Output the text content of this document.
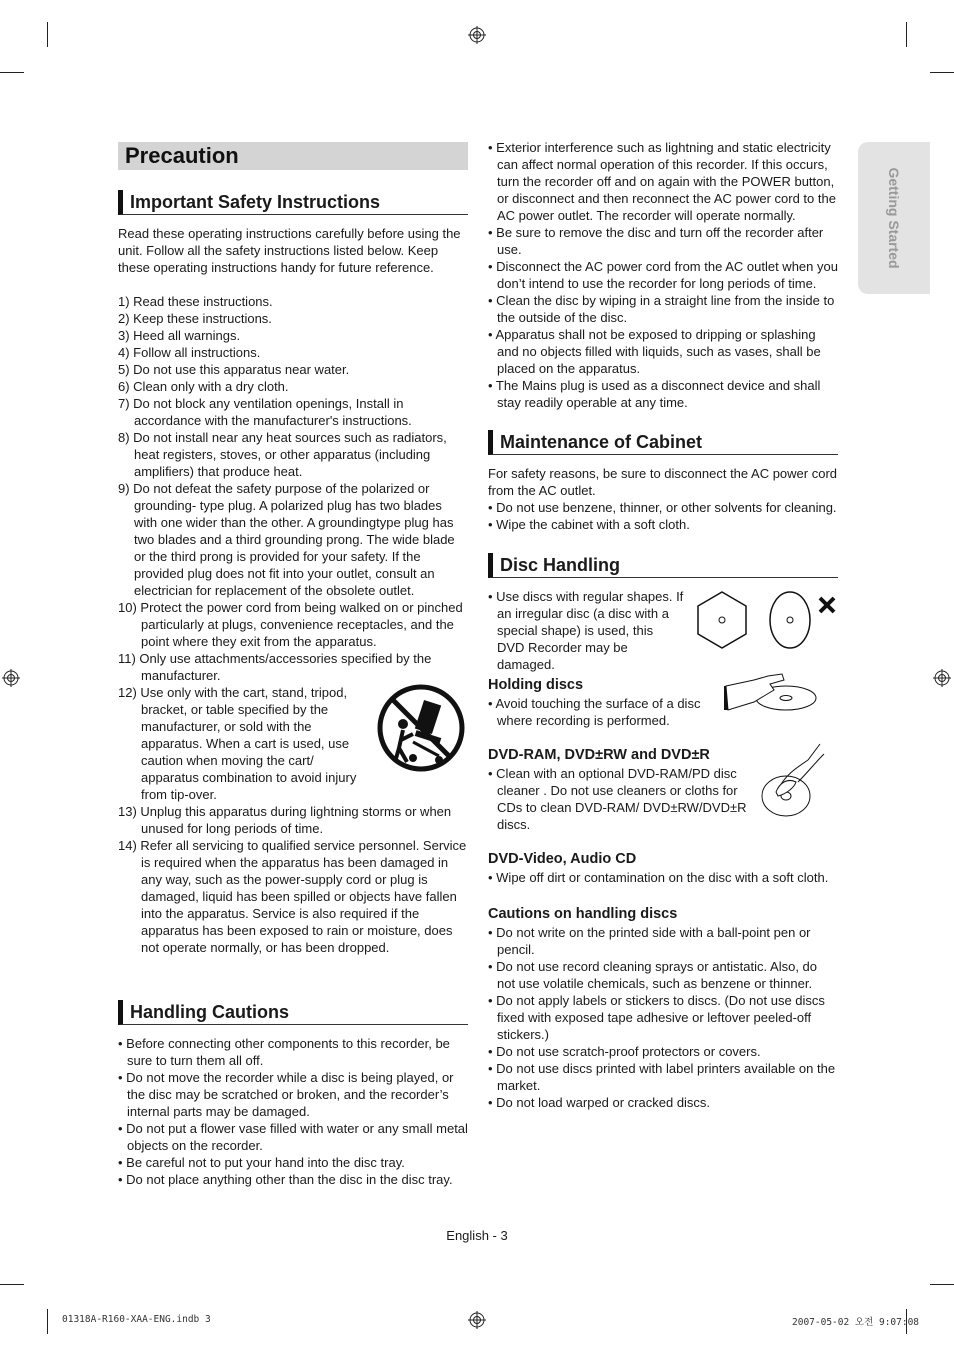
Getting Started
Precaution
Important Safety Instructions

Read these operating instructions carefully before using the unit. Follow all the safety instructions listed below. Keep these operating instructions handy for future reference.

1) Read these instructions.
2) Keep these instructions.
3) Heed all warnings.
4) Follow all instructions.
5) Do not use this apparatus near water.
6) Clean only with a dry cloth.
7) Do not block any ventilation openings, Install in accordance with the manufacturer's instructions.
8) Do not install near any heat sources such as radiators, heat registers, stoves, or other apparatus (including amplifiers) that produce heat.
9) Do not defeat the safety purpose of the polarized or grounding- type plug. A polarized plug has two blades with one wider than the other. A groundingtype plug has two blades and a third grounding prong. The wide blade or the third prong is provided for your safety. If the provided plug does not fit into your outlet, consult an electrician for replacement of the obsolete outlet.
10) Protect the power cord from being walked on or pinched particularly at plugs, convenience receptacles, and the point where they exit from the apparatus.
11) Only use attachments/accessories specified by the manufacturer.
12) Use only with the cart, stand, tripod, bracket, or table specified by the manufacturer, or sold with the apparatus. When a cart is used, use caution when moving the cart/ apparatus combination to avoid injury from tip-over.
13) Unplug this apparatus during lightning storms or when unused for long periods of time.
14) Refer all servicing to qualified service personnel. Service is required when the apparatus has been damaged in any way, such as the power-supply cord or plug is damaged, liquid has been spilled or objects have fallen into the apparatus. Service is also required if the apparatus has been exposed to rain or moisture, does not operate normally, or has been dropped.
Handling Cautions
• Before connecting other components to this recorder, be sure to turn them all off.
• Do not move the recorder while a disc is being played, or the disc may be scratched or broken, and the recorder’s internal parts may be damaged.
• Do not put a flower vase filled with water or any small metal objects on the recorder.
• Be careful not to put your hand into the disc tray.
• Do not place anything other than the disc in the disc tray.
• Exterior interference such as lightning and static electricity can affect normal operation of this recorder. If this occurs, turn the recorder off and on again with the POWER button, or disconnect and then reconnect the AC power cord to the AC power outlet. The recorder will operate normally.
• Be sure to remove the disc and turn off the recorder after use.
• Disconnect the AC power cord from the AC outlet when you don’t intend to use the recorder for long periods of time.
• Clean the disc by wiping in a straight line from the inside to the outside of the disc.
• Apparatus shall not be exposed to dripping or splashing and no objects filled with liquids, such as vases, shall be placed on the apparatus.
• The Mains plug is used as a disconnect device and shall stay readily operable at any time.
Maintenance of Cabinet

For safety reasons, be sure to disconnect the AC power cord from the AC outlet.

• Do not use benzene, thinner, or other solvents for cleaning.
• Wipe the cabinet with a soft cloth.
Disc Handling
• Use discs with regular shapes. If an irregular disc (a disc with a special shape) is used, this DVD Recorder may be damaged.
Holding discs
• Avoid touching the surface of a disc where recording is performed.
DVD-RAM, DVD±RW and DVD±R
• Clean with an optional DVD-RAM/PD disc cleaner . Do not use cleaners or cloths for CDs to clean DVD-RAM/ DVD±RW/DVD±R discs.
DVD-Video, Audio CD
• Wipe off dirt or contamination on the disc with a soft cloth.
Cautions on handling discs
• Do not write on the printed side with a ball-point pen or pencil.
• Do not use record cleaning sprays or antistatic. Also, do not use volatile chemicals, such as benzene or thinner.
• Do not apply labels or stickers to discs. (Do not use discs fixed with exposed tape adhesive or leftover peeled-off stickers.)
• Do not use scratch-proof protectors or covers.
• Do not use discs printed with label printers available on the market.
• Do not load warped or cracked discs.
English - 3
01318A-R160-XAA-ENG.indb 3	2007-05-02 오전 9:07:08
